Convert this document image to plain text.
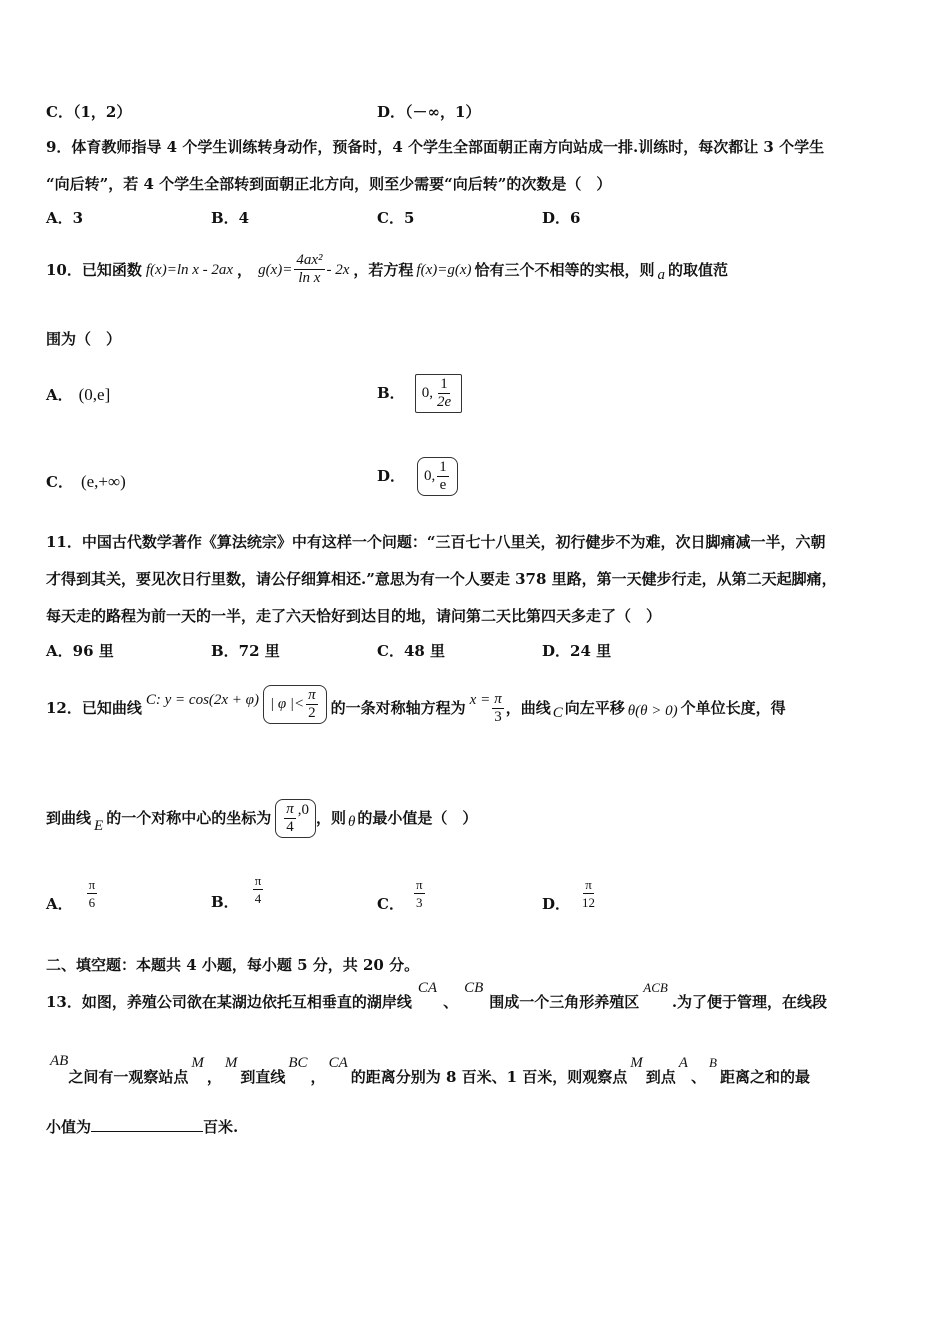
C．（1，2）	D．（－∞，1）
9．体育教师指导 4 个学生训练转身动作，预备时，4 个学生全部面朝正南方向站成一排.训练时，每次都让 3 个学生
“向后转”，若 4 个学生全部转到面朝正北方向，则至少需要“向后转”的次数是（　）
A．3	B．4	C．5	D．6
10．已知函数 f(x)=ln x - 2ax ， $g(x)= \frac{\text{4ax²}}{\text{ln x}} - 2x$ ，若方程 f(x)=g(x) 恰有三个不相等的实根，则 a 的取值范
围为（　）
A． (0,e]	B． 0, $\frac{1}{2e}$
C． (e,+∞)	D． 0, $\frac{1}{e}$
11．中国古代数学著作《算法统宗》中有这样一个问题：“三百七十八里关，初行健步不为难，次日脚痛减一半，六朝
才得到其关，要见次日行里数，请公仔细算相还.”意思为有一个人要走 378 里路，第一天健步行走，从第二天起脚痛，
每天走的路程为前一天的一半，走了六天恰好到达目的地，请问第二天比第四天多走了（　）
A．96 里	B．72 里	C．48 里	D．24 里
12．已知曲线 C: y = cos(2x + φ) | φ |< $\frac{\pi}{2}$ 的一条对称轴方程为 $x = \frac{\pi}{3}$ ，曲线 C 向左平移 θ(θ > 0) 个单位长度，得
到曲线 E 的一个对称中心的坐标为 $\frac{\pi}{4} ,0$ ，则 θ 的最小值是（　）
A． $\frac{\pi}{6}$	B． $\frac{\pi}{4}$	C． $\frac{\pi}{3}$	D． $\frac{\pi}{12}$
二、填空题：本题共 4 小题，每小题 5 分，共 20 分。
13．如图，养殖公司欲在某湖边依托互相垂直的湖岸线
CA
、
CB
围成一个三角形养殖区
ACB
.为了便于管理，在线段
AB
之间有一观察站点
M
，
M
到直线
BC
，
CA
的距离分别为 8 百米、1 百米，则观察点
M
到点
A
、
B
距离之和的最
小值为	百米.
